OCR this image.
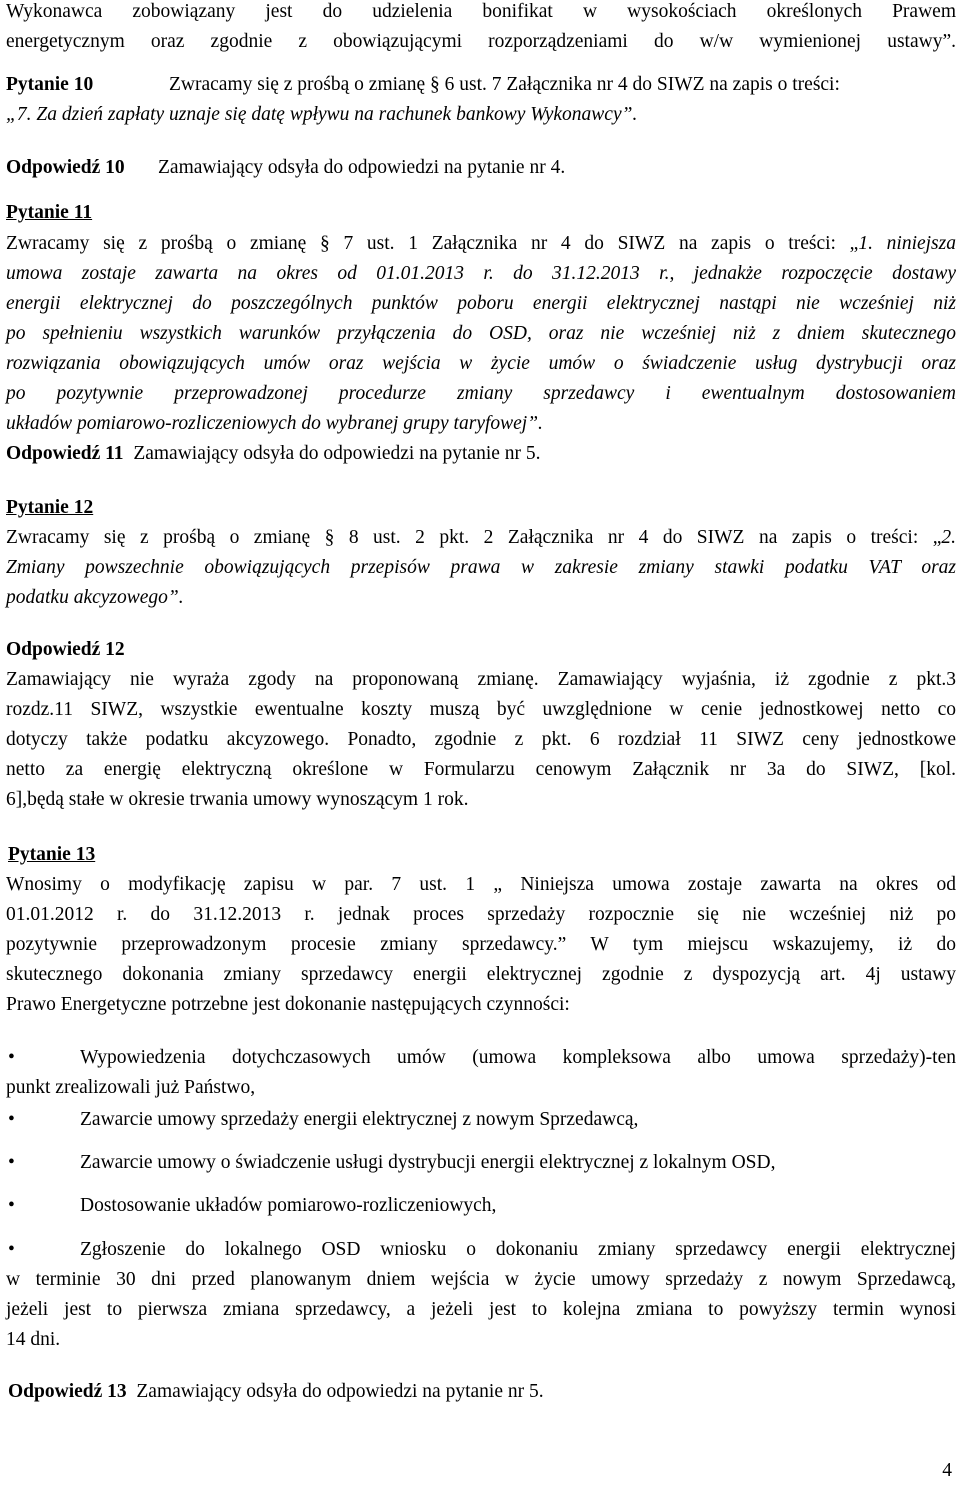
Wykonawca zobowiązany jest do udzielenia bonifikat w wysokościach określonych Prawem
energetycznym oraz zgodnie z obowiązującymi rozporządzeniami do w/w wymienionej ustawy”.
Pytanie 10	Zwracamy się z prośbą o zmianę § 6 ust. 7 Załącznika nr 4 do SIWZ na zapis o treści:
„7. Za dzień zapłaty uznaje się datę wpływu na rachunek bankowy Wykonawcy”.
Odpowiedź 10 Zamawiający odsyła do odpowiedzi na pytanie nr 4.
Pytanie 11
Zwracamy się z prośbą o zmianę § 7 ust. 1 Załącznika nr 4 do SIWZ na zapis o treści: „1. niniejsza
umowa zostaje zawarta na okres od 01.01.2013 r. do 31.12.2013 r., jednakże rozpoczęcie dostawy
energii elektrycznej do poszczególnych punktów poboru energii elektrycznej nastąpi nie wcześniej niż
po spełnieniu wszystkich warunków przyłączenia do OSD, oraz nie wcześniej niż z dniem skutecznego
rozwiązania obowiązujących umów oraz wejścia w życie umów o świadczenie usług dystrybucji oraz
po pozytywnie przeprowadzonej procedurze zmiany sprzedawcy i ewentualnym dostosowaniem
układów pomiarowo-rozliczeniowych do wybranej grupy taryfowej”.
Odpowiedź 11 Zamawiający odsyła do odpowiedzi na pytanie nr 5.
Pytanie 12
Zwracamy się z prośbą o zmianę § 8 ust. 2 pkt. 2 Załącznika nr 4 do SIWZ na zapis o treści: „2.
Zmiany powszechnie obowiązujących przepisów prawa w zakresie zmiany stawki podatku VAT oraz
podatku akcyzowego”.
Odpowiedź 12
Zamawiający nie wyraża zgody na proponowaną zmianę. Zamawiający wyjaśnia, iż zgodnie z pkt.3
rozdz.11 SIWZ, wszystkie ewentualne koszty muszą być uwzględnione w cenie jednostkowej netto co
dotyczy także podatku akcyzowego. Ponadto, zgodnie z pkt. 6 rozdział 11 SIWZ ceny jednostkowe
netto za energię elektryczną określone w Formularzu cenowym Załącznik nr 3a do SIWZ, [kol.
6],będą stałe w okresie trwania umowy wynoszącym 1 rok.
Pytanie 13
Wnosimy o modyfikację zapisu w par. 7 ust. 1 „ Niniejsza umowa zostaje zawarta na okres od
01.01.2012 r. do 31.12.2013 r. jednak proces sprzedaży rozpocznie się nie wcześniej niż po
pozytywnie przeprowadzonym procesie zmiany sprzedawcy.” W tym miejscu wskazujemy, iż do
skutecznego dokonania zmiany sprzedawcy energii elektrycznej zgodnie z dyspozycją art. 4j ustawy
Prawo Energetyczne potrzebne jest dokonanie następujących czynności:
•	Wypowiedzenia dotychczasowych umów (umowa kompleksowa albo umowa sprzedaży)-ten
punkt zrealizowali już Państwo,
•	Zawarcie umowy sprzedaży energii elektrycznej z nowym Sprzedawcą,
•	Zawarcie umowy o świadczenie usługi dystrybucji energii elektrycznej z lokalnym OSD,
•	Dostosowanie układów pomiarowo-rozliczeniowych,
•	Zgłoszenie do lokalnego OSD wniosku o dokonaniu zmiany sprzedawcy energii elektrycznej
w terminie 30 dni przed planowanym dniem wejścia w życie umowy sprzedaży z nowym Sprzedawcą,
jeżeli jest to pierwsza zmiana sprzedawcy, a jeżeli jest to kolejna zmiana to powyższy termin wynosi
14 dni.
Odpowiedź 13 Zamawiający odsyła do odpowiedzi na pytanie nr 5.
4
